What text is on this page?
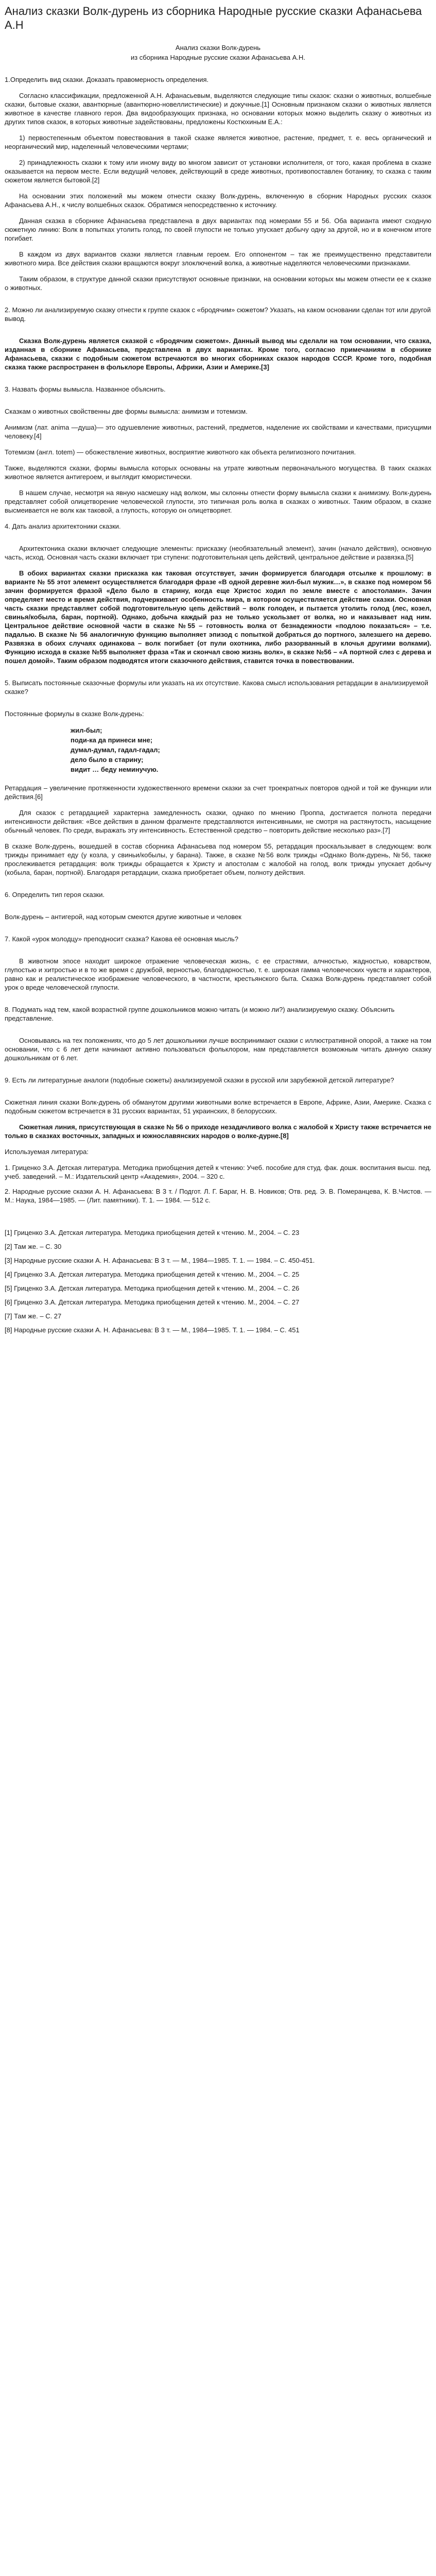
Анализ сказки Волк-дурень из сборника Народные русские сказки Афанасьева А.Н

Анализ сказки Волк-дурень

из сборника Народные русские сказки Афанасьева А.Н.

1.Определить вид сказки. Доказать правомерность определения.

Согласно классификации, предложенной А.Н. Афанасьевым, выделяются следующие типы сказок: сказки о животных, волшебные сказки, бытовые сказки, авантюрные (авантюрно-новеллистические) и докучные.[1] Основным признаком сказки о животных является животное в качестве главного героя. Два видообразующих признака, но основании которых можно выделить сказку о животных из других типов сказок, в которых животные задействованы, предложены Костюхиным Е.А.:

1) первостепенным объектом повествования в такой сказке является животное, растение, предмет, т. е. весь органический и неорганический мир, наделенный человеческими чертами;

2) принадлежность сказки к тому или иному виду во многом зависит от установки исполнителя, от того, какая проблема в сказке оказывается на первом месте. Если ведущий человек, действующий в среде животных, противопоставлен ботанику, то сказка с таким сюжетом является бытовой.[2]

На основании этих положений мы можем отнести сказку Волк-дурень, включенную в сборник Народных русских сказок Афанасьева А.Н., к числу волшебных сказок. Обратимся непосредственно к источнику.

Данная сказка в сборнике Афанасьева представлена в двух вариантах под номерами 55 и 56. Оба варианта имеют сходную сюжетную линию: Волк в попытках утолить голод, по своей глупости не только упускает добычу одну за другой, но и в конечном итоге погибает.

В каждом из двух вариантов сказки является главным героем. Его оппонентом – так же преимущественно представители животного мира. Все действия сказки вращаются вокруг злоключений волка, а животные наделяются человеческими признаками.

Таким образом, в структуре данной сказки присутствуют основные признаки, на основании которых мы можем отнести ее к сказке о животных.

2. Можно ли анализируемую сказку отнести к группе сказок с «бродячим» сюжетом? Указать, на каком основании сделан тот или другой вывод.

Сказка Волк-дурень является сказкой с «бродячим сюжетом». Данный вывод мы сделали на том основании, что сказка, изданная в сборнике Афанасьева, представлена в двух вариантах. Кроме того, согласно примечаниям в сборнике Афанасьева, сказки с подобным сюжетом встречаются во многих сборниках сказок народов СССР. Кроме того, подобная сказка также распространен в фольклоре Европы, Африки, Азии и Америке.[3]

3. Назвать формы вымысла. Названное объяснить.

Сказкам о животных свойственны две формы вымысла: анимизм и тотемизм.

Анимизм (лат. anima —душа)— это одушевление животных, растений, предметов, наделение их свойствами и качествами, присущими человеку.[4]

Тотемизм (англ. totem) — обожествление животных, восприятие животного как объекта религиозного почитания.

Также, выделяются сказки, формы вымысла которых основаны на утрате животным первоначального могущества. В таких сказках животное является антигероем, и выглядит юмористически.

В нашем случае, несмотря на явную насмешку над волком, мы склонны отнести форму вымысла сказки к анимизму. Волк-дурень представляет собой олицетворение человеческой глупости, это типичная роль волка в сказках о животных. Таким образом, в сказке высмеивается не волк как таковой, а глупость, которую он олицетворяет.

4. Дать анализ архитектоники сказки.

Архитектоника сказки включает следующие элементы: присказку (необязательный элемент), зачин (начало действия), основную часть, исход. Основная часть сказки включает три ступени: подготовительная цепь действий, центральное действие и развязка.[5]

В обоих вариантах сказки присказка как таковая отсутствует, зачин формируется благодаря отсылке к прошлому: в варианте № 55 этот элемент осуществляется благодаря фразе «В одной деревне жил-был мужик…», в сказке под номером 56 зачин формируется фразой «Дело было в старину, когда еще Христос ходил по земле вместе с апостолами». Зачин определяет место и время действия, подчеркивает особенность мира, в котором осуществляется действие сказки. Основная часть сказки представляет собой подготовительную цепь действий – волк голоден, и пытается утолить голод (лес, козел, свинья/кобыла, баран, портной). Однако, добыча каждый раз не только ускользает от волка, но и наказывает над ним. Центральное действие основной части в сказке №55 – готовность волка от безнадежности «подлою показаться» – т.е. падалью. В сказке № 56 аналогичную функцию выполняет эпизод с попыткой добраться до портного, залезшего на дерево. Развязка в обоих случаях одинакова – волк погибает (от пули охотника, либо разорванный в клочья другими волками). Функцию исхода в сказке №55 выполняет фраза «Так и скончал свою жизнь волк», в сказке №56 – «А портной слез с дерева и пошел домой». Таким образом подводятся итоги сказочного действия, ставится точка в повествовании.

5. Выписать постоянные сказочные формулы или указать на их отсутствие. Какова смысл использования ретардации в анализируемой сказке?

Постоянные формулы в сказке Волк-дурень:

жил-был;
поди-ка да принеси мне;
думал-думал, гадал-гадал;
дело было в старину;
видит … беду неминучую.

Ретардация – увеличение протяженности художественного времени сказки за счет троекратных повторов одной и той же функции или действия.[6]

Для сказок с ретардацией характерна замедленность сказки, однако по мнению Проппа, достигается полнота передачи интенсивности действия: «Все действия в данном фрагменте представляются интенсивными, не смотря на растянутость, насыщение обычный человек. По среди, выражать эту интенсивность. Естественной средство – повторить действие несколько раз».[7]

В сказке Волк-дурень, вошедшей в состав сборника Афанасьева под номером 55, ретардация проскальзывает в следующем: волк трижды принимает еду (у козла, у свиньи/кобылы, у барана). Также, в сказке №56 волк трижды «Однако Волк-дурень, №56, также прослеживается ретардация: волк трижды обращается к Христу и апостолам с жалобой на голод, волк трижды упускает добычу (кобыла, баран, портной). Благодаря ретардации, сказка приобретает объем, полноту действия.

6. Определить тип героя сказки.

Волк-дурень – антигерой, над которым смеются другие животные и человек

7. Какой «урок молодцу» преподносит сказка? Какова её основная мысль?

В животном эпосе находит широкое отражение человеческая жизнь, с ее страстями, алчностью, жадностью, коварством, глупостью и хитростью и в то же время с дружбой, верностью, благодарностью, т. е. широкая гамма человеческих чувств и характеров, равно как и реалистическое изображение человеческого, в частности, крестьянского быта. Сказка Волк-дурень представляет собой урок о вреде человеческой глупости.

8. Подумать над тем, какой возрастной группе дошкольников можно читать (и можно ли?) анализируемую сказку. Объяснить представление.

Основываясь на тех положениях, что до 5 лет дошкольники лучше воспринимают сказки с иллюстративной опорой, а также на том основании, что с 6 лет дети начинают активно пользоваться фольклором, нам представляется возможным читать данную сказку дошкольникам от 6 лет.

9. Есть ли литературные аналоги (подобные сюжеты) анализируемой сказки в русской или зарубежной детской литературе?

Сюжетная линия сказки Волк-дурень об обманутом другими животными волке встречается в Европе, Африке, Азии, Америке. Сказка с подобным сюжетом встречается в 31 русских вариантах, 51 украинских, 8 белорусских.

Сюжетная линия, присутствующая в сказке № 56 о приходе незадачливого волка с жалобой к Христу также встречается не только в сказках восточных, западных и южнославянских народов о волке-дурне.[8]

Используемая литература:

1. Гриценко З.А. Детская литература. Методика приобщения детей к чтению: Учеб. пособие для студ. фак. дошк. воспитания высш. пед. учеб. заведений. – М.: Издательский центр «Академия», 2004. – 320 с.

2. Народные русские сказки А. Н. Афанасьева: В 3 т. / Подгот. Л. Г. Бараг, Н. В. Новиков; Отв. ред. Э. В. Померанцева, К. В.Чистов. — М.: Наука, 1984—1985. — (Лит. памятники). Т. 1. — 1984. — 512 с.

[1] Гриценко З.А. Детская литература. Методика приобщения детей к чтению. М., 2004. – С. 23

[2] Там же. – С. 30

[3] Народные русские сказки А. Н. Афанасьева: В 3 т. — М., 1984—1985. Т. 1. — 1984. – С. 450-451.

[4] Гриценко З.А. Детская литература. Методика приобщения детей к чтению. М., 2004. – С. 25

[5] Гриценко З.А. Детская литература. Методика приобщения детей к чтению. М., 2004. – С. 26

[6] Гриценко З.А. Детская литература. Методика приобщения детей к чтению. М., 2004. – С. 27

[7] Там же. – С. 27

[8] Народные русские сказки А. Н. Афанасьева: В 3 т. — М., 1984—1985. Т. 1. — 1984. – С. 451
